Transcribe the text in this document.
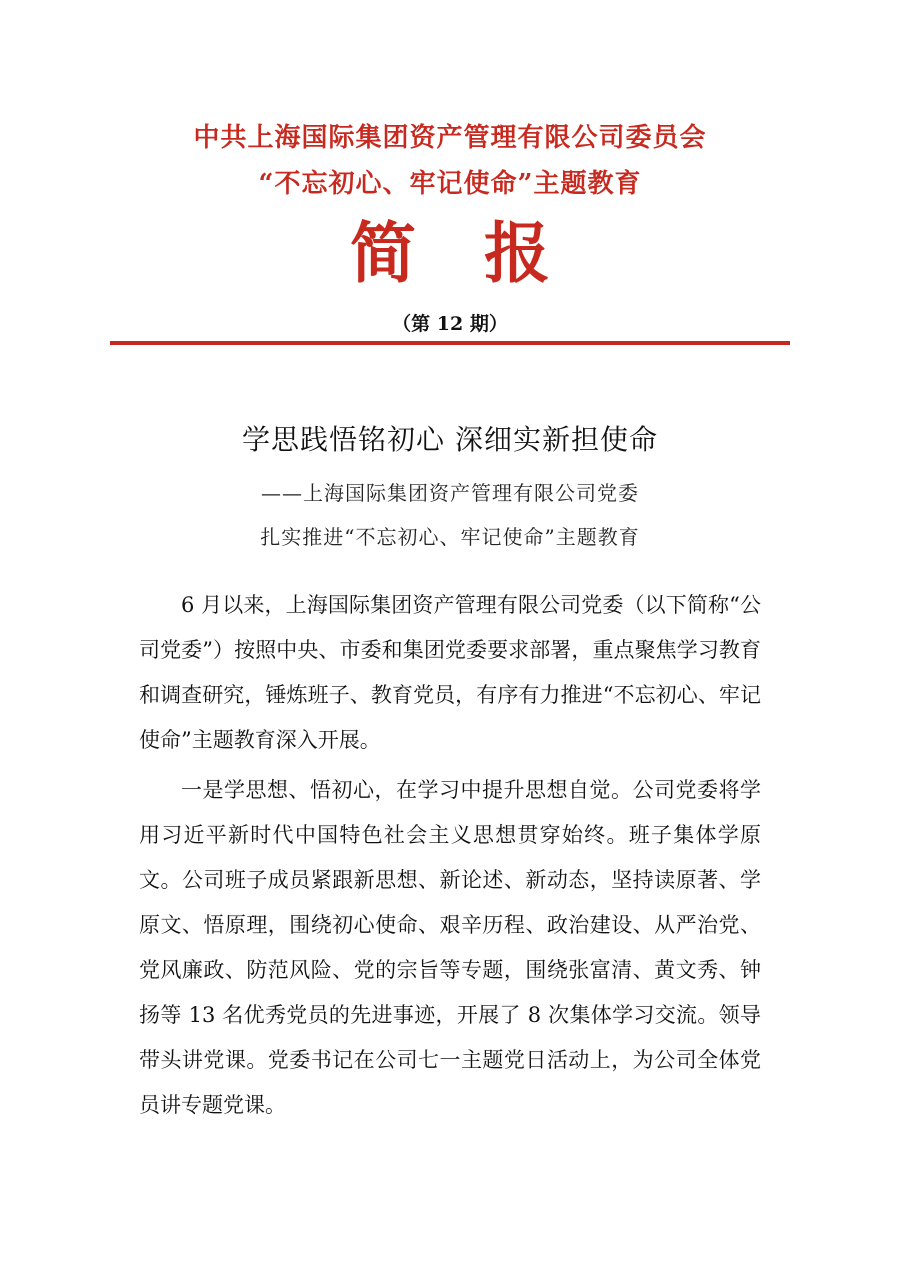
中共上海国际集团资产管理有限公司委员会
“不忘初心、牢记使命”主题教育
简 报
（第 12 期）
学思践悟铭初心 深细实新担使命
——上海国际集团资产管理有限公司党委
扎实推进“不忘初心、牢记使命”主题教育
6 月以来，上海国际集团资产管理有限公司党委（以下简称“公司党委”）按照中央、市委和集团党委要求部署，重点聚焦学习教育和调查研究，锤炼班子、教育党员，有序有力推进“不忘初心、牢记使命”主题教育深入开展。
一是学思想、悟初心，在学习中提升思想自觉。公司党委将学用习近平新时代中国特色社会主义思想贯穿始终。班子集体学原文。公司班子成员紧跟新思想、新论述、新动态，坚持读原著、学原文、悟原理，围绕初心使命、艰辛历程、政治建设、从严治党、党风廉政、防范风险、党的宗旨等专题，围绕张富清、黄文秀、钟扬等 13 名优秀党员的先进事迹，开展了 8 次集体学习交流。领导带头讲党课。党委书记在公司七一主题党日活动上，为公司全体党员讲专题党课。
